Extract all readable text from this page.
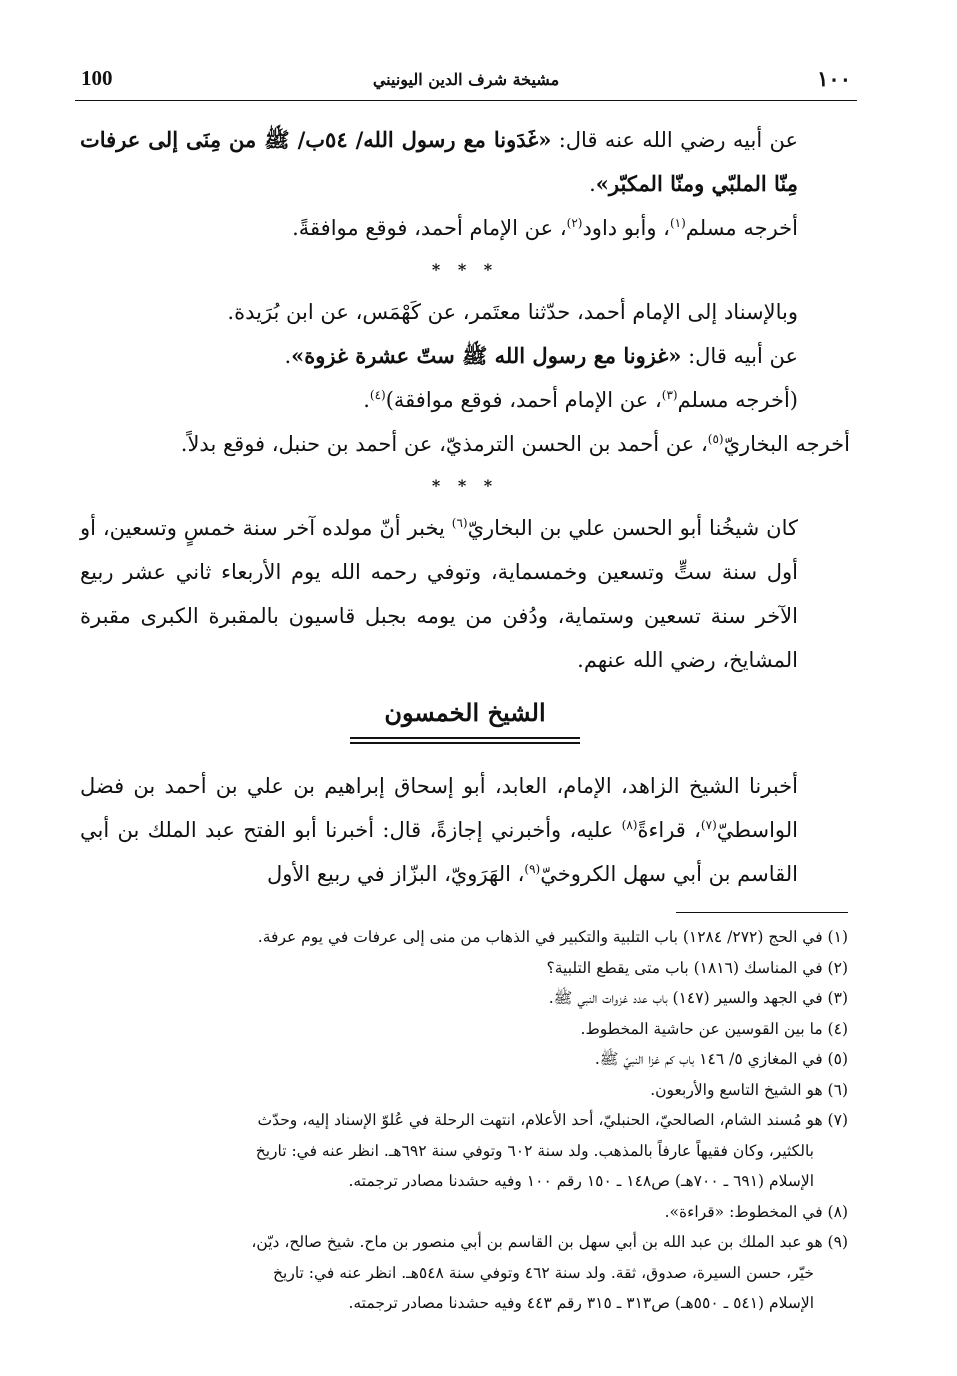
100	مشيخة شرف الدين اليونيني	١٠٠

عن أبيه رضي الله عنه قال: «غَدَونا مع رسول الله/ ٥٤ب/ ﷺ من مِنَى إلى عرفات مِنّا الملبّي ومنّا المكبّر».

أخرجه مسلم$^{(١)}$، وأبو داود$^{(٢)}$، عن الإمام أحمد، فوقع موافقةً.

* * *

وبالإسناد إلى الإمام أحمد، حدّثنا معتَمر، عن كَهْمَس، عن ابن بُرَيدة.

عن أبيه قال: «غزونا مع رسول الله ﷺ ستّ عشرة غزوة».

(أخرجه مسلم$^{(٣)}$، عن الإمام أحمد، فوقع موافقة)$^{(٤)}$.

أخرجه البخاريّ$^{(٥)}$، عن أحمد بن الحسن الترمذيّ، عن أحمد بن حنبل، فوقع بدلاً.

* * *

كان شيخُنا أبو الحسن علي بن البخاريّ$^{(٦)}$ يخبر أنّ مولده آخر سنة خمسٍ وتسعين، أو أول سنة ستٍّ وتسعين وخمسماية، وتوفي رحمه الله يوم الأربعاء ثاني عشر ربيع الآخر سنة تسعين وستماية، ودُفن من يومه بجبل قاسيون بالمقبرة الكبرى مقبرة المشايخ، رضي الله عنهم.

الشيخ الخمسون

أخبرنا الشيخ الزاهد، الإمام، العابد، أبو إسحاق إبراهيم بن علي بن أحمد بن فضل الواسطيّ$^{(٧)}$، قراءةً$^{(٨)}$ عليه، وأخبرني إجازةً، قال: أخبرنا أبو الفتح عبد الملك بن أبي القاسم بن أبي سهل الكروخيّ$^{(٩)}$، الهَرَويّ، البزّاز في ربيع الأول

(١) في الحج (٢٧٢/ ١٢٨٤) باب التلبية والتكبير في الذهاب من منى إلى عرفات في يوم عرفة.

(٢) في المناسك (١٨١٦) باب متى يقطع التلبية؟

(٣) في الجهد والسير (١٤٧) باب عدد غزوات النبي ﷺ.

(٤) ما بين القوسين عن حاشية المخطوط.

(٥) في المغازي ٥/ ١٤٦ باب كم غزا النبيّ ﷺ.

(٦) هو الشيخ التاسع والأربعون.

(٧) هو مُسند الشام، الصالحيّ، الحنبليّ، أحد الأعلام، انتهت الرحلة في عُلوّ الإسناد إليه، وحدّث

بالكثير، وكان فقيهاً عارفاً بالمذهب. ولد سنة ٦٠٢ وتوفي سنة ٦٩٢هـ. انظر عنه في: تاريخ

الإسلام (٦٩١ ـ ٧٠٠هـ) ص١٤٨ ـ ١٥٠ رقم ١٠٠ وفيه حشدنا مصادر ترجمته.

(٨) في المخطوط: «قراءة».

(٩) هو عبد الملك بن عبد الله بن أبي سهل بن القاسم بن أبي منصور بن ماح. شيخ صالح، ديّن،

خيّر، حسن السيرة، صدوق، ثقة. ولد سنة ٤٦٢ وتوفي سنة ٥٤٨هـ. انظر عنه في: تاريخ

الإسلام (٥٤١ ـ ٥٥٠هـ) ص٣١٣ ـ ٣١٥ رقم ٤٤٣ وفيه حشدنا مصادر ترجمته.
